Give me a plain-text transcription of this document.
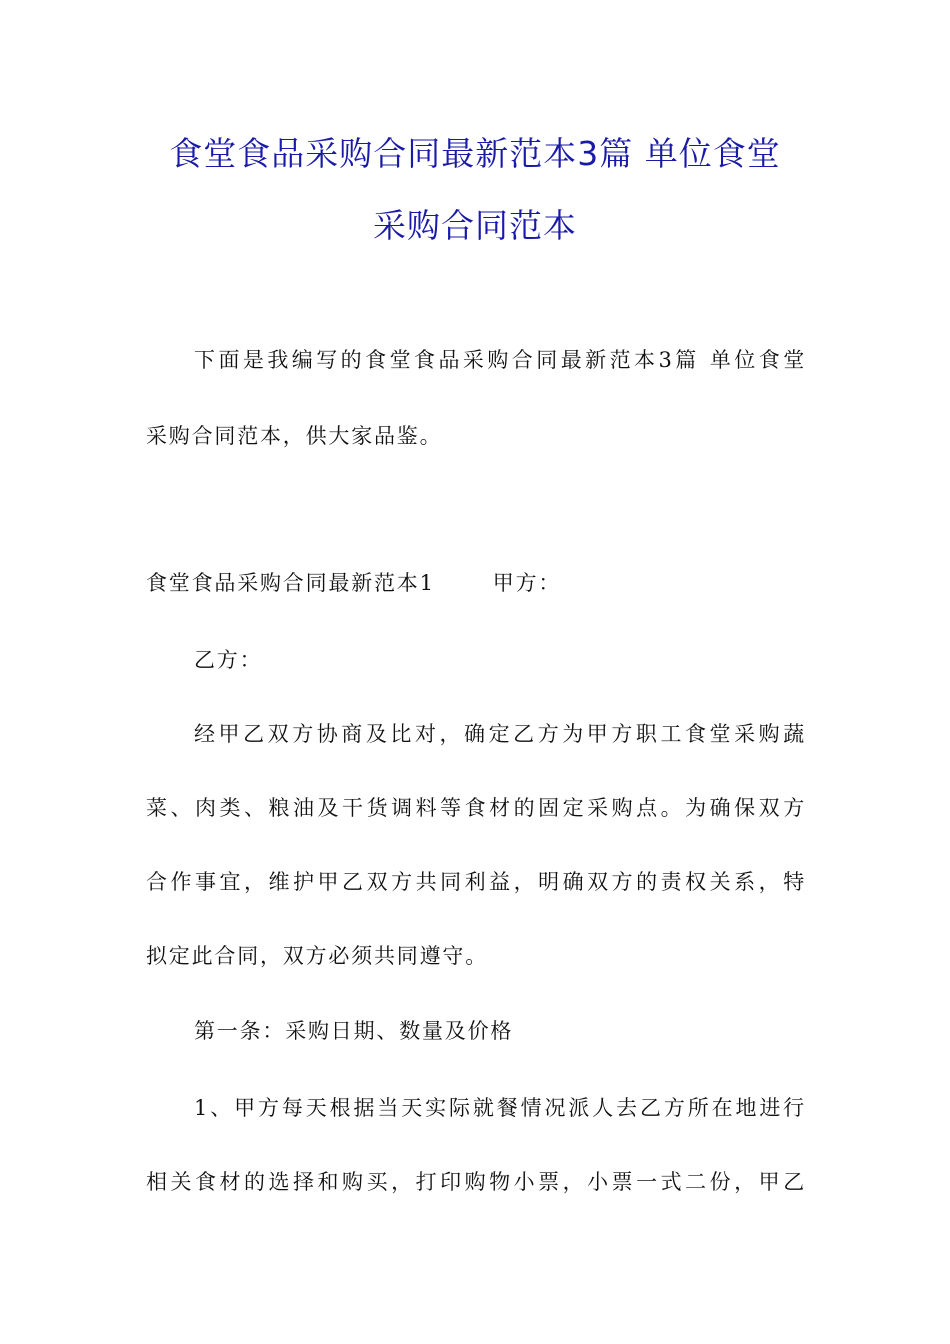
食堂食品采购合同最新范本3篇 单位食堂
采购合同范本
下面是我编写的食堂食品采购合同最新范本3篇 单位食堂
采购合同范本，供大家品鉴。
食堂食品采购合同最新范本1	甲方：
乙方：
经甲乙双方协商及比对，确定乙方为甲方职工食堂采购蔬
菜、肉类、粮油及干货调料等食材的固定采购点。为确保双方
合作事宜，维护甲乙双方共同利益，明确双方的责权关系，特
拟定此合同，双方必须共同遵守。
第一条：采购日期、数量及价格
1、甲方每天根据当天实际就餐情况派人去乙方所在地进行
相关食材的选择和购买，打印购物小票，小票一式二份，甲乙
